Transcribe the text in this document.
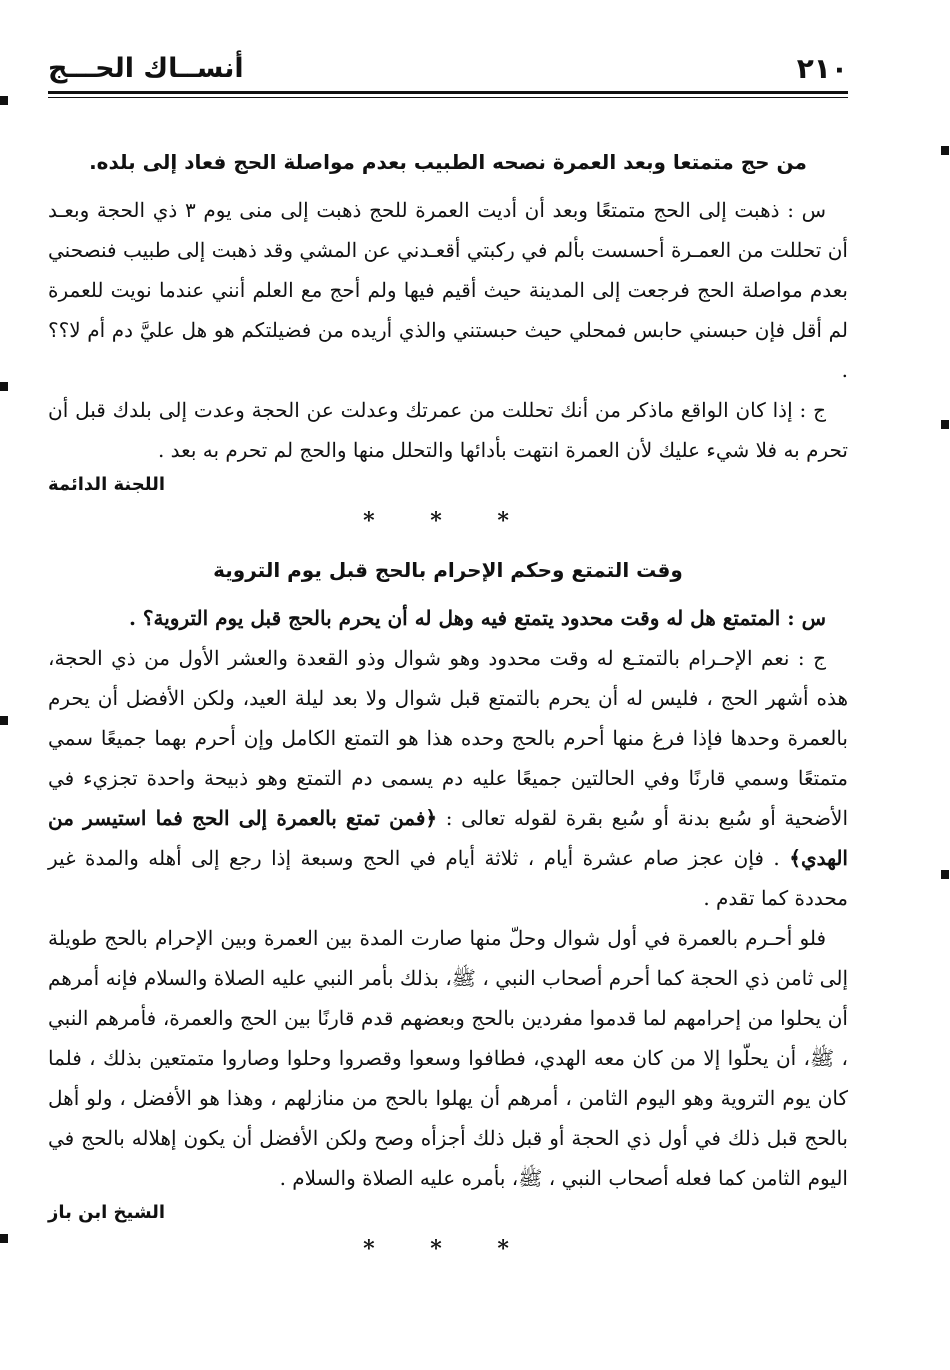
٢١٠
أنســاك الحـــج
من حج متمتعا وبعد العمرة نصحه الطبيب بعدم مواصلة الحج فعاد إلى بلده.

س : ذهبت إلى الحج متمتعًا وبعد أن أديت العمرة للحج ذهبت إلى منى يوم ٣ ذي الحجة وبعـد أن تحللت من العمـرة أحسست بألم في ركبتي أقعـدني عن المشي وقد ذهبت إلى طبيب فنصحني بعدم مواصلة الحج فرجعت إلى المدينة حيث أقيم فيها ولم أحج مع العلم أنني عندما نويت للعمرة لم أقل فإن حبسني حابس فمحلي حيث حبستني والذي أريده من فضيلتكم هو هل عليَّ دم أم لا؟؟ .

ج : إذا كان الواقع ماذكر من أنك تحللت من عمرتك وعدلت عن الحجة وعدت إلى بلدك قبل أن تحرم به فلا شيء عليك لأن العمرة انتهت بأدائها والتحلل منها والحج لم تحرم به بعد .

اللجنة الدائمة

* * *
وقت التمتع وحكم الإحرام بالحج قبل يوم التروية

س : المتمتع هل له وقت محدود يتمتع فيه وهل له أن يحرم بالحج قبل يوم التروية؟ .

ج : نعم الإحـرام بالتمتـع له وقت محدود وهو شوال وذو القعدة والعشر الأول من ذي الحجة، هذه أشهر الحج ، فليس له أن يحرم بالتمتع قبل شوال ولا بعد ليلة العيد، ولكن الأفضل أن يحرم بالعمرة وحدها فإذا فرغ منها أحرم بالحج وحده هذا هو التمتع الكامل وإن أحرم بهما جميعًا سمي متمتعًا وسمي قارنًا وفي الحالتين جميعًا عليه دم يسمى دم التمتع وهو ذبيحة واحدة تجزيء في الأضحية أو سُبع بدنة أو سُبع بقرة لقوله تعالى : ﴿فمن تمتع بالعمرة إلى الحج فما استيسر من الهدي﴾ . فإن عجز صام عشرة أيام ، ثلاثة أيام في الحج وسبعة إذا رجع إلى أهله والمدة غير محددة كما تقدم .

فلو أحـرم بالعمرة في أول شوال وحلّ منها صارت المدة بين العمرة وبين الإحرام بالحج طويلة إلى ثامن ذي الحجة كما أحرم أصحاب النبي ، ﷺ، بذلك بأمر النبي عليه الصلاة والسلام فإنه أمرهم أن يحلوا من إحرامهم لما قدموا مفردين بالحج وبعضهم قدم قارنًا بين الحج والعمرة، فأمرهم النبي ، ﷺ، أن يحلّوا إلا من كان معه الهدي، فطافوا وسعوا وقصروا وحلوا وصاروا متمتعين بذلك ، فلما كان يوم التروية وهو اليوم الثامن ، أمرهم أن يهلوا بالحج من منازلهم ، وهذا هو الأفضل ، ولو أهل بالحج قبل ذلك في أول ذي الحجة أو قبل ذلك أجزأه وصح ولكن الأفضل أن يكون إهلاله بالحج في اليوم الثامن كما فعله أصحاب النبي ، ﷺ، بأمره عليه الصلاة والسلام .

الشيخ ابن باز

* * *
